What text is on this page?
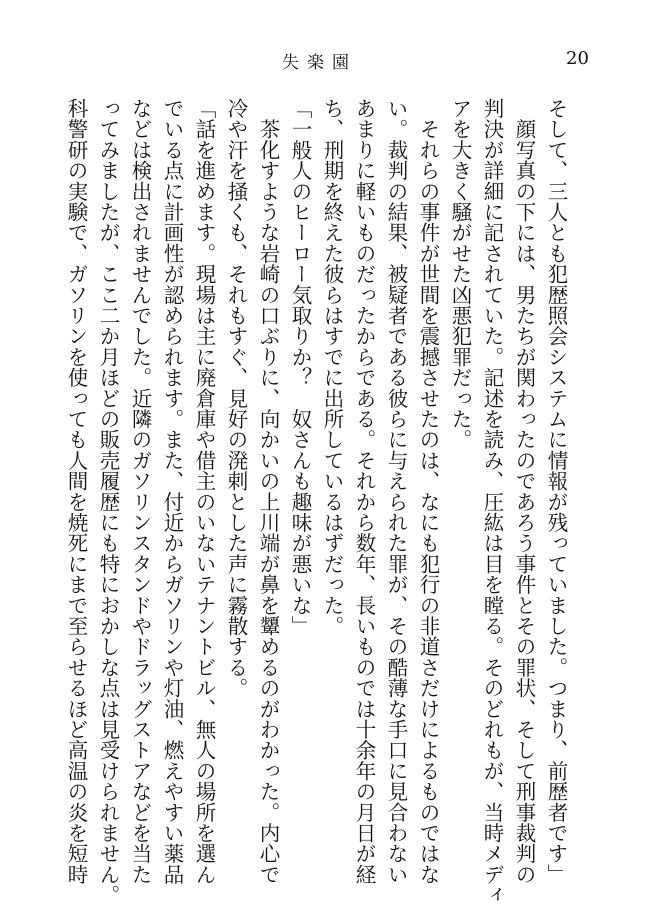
失楽園	20
そして、三人とも犯歴照会システムに情報が残っていました。つまり、前歴者です」
　顔写真の下には、男たちが関わったのであろう事件とその罪状、そして刑事裁判の
判決が詳細に記されていた。記述を読み、圧紘は目を瞠る。そのどれもが、当時メディ
アを大きく騒がせた凶悪犯罪だった。
　それらの事件が世間を震撼させたのは、なにも犯行の非道さだけによるものではな
い。裁判の結果、被疑者である彼らに与えられた罪が、その酷薄な手口に見合わない
あまりに軽いものだったからである。それから数年、長いものでは十余年の月日が経
ち、刑期を終えた彼らはすでに出所しているはずだった。
「一般人のヒーロー気取りか？　奴さんも趣味が悪いな」
　茶化すような岩崎の口ぶりに、向かいの上川端が鼻を顰めるのがわかった。内心で
冷や汗を掻くも、それもすぐ、見好の溌剌とした声に霧散する。
「話を進めます。現場は主に廃倉庫や借主のいないテナントビル、無人の場所を選ん
でいる点に計画性が認められます。また、付近からガソリンや灯油、燃えやすい薬品
などは検出されませんでした。近隣のガソリンスタンドやドラッグストアなどを当た
ってみましたが、ここ二か月ほどの販売履歴にも特におかしな点は見受けられません。
科警研の実験で、ガソリンを使っても人間を焼死にまで至らせるほど高温の炎を短時
